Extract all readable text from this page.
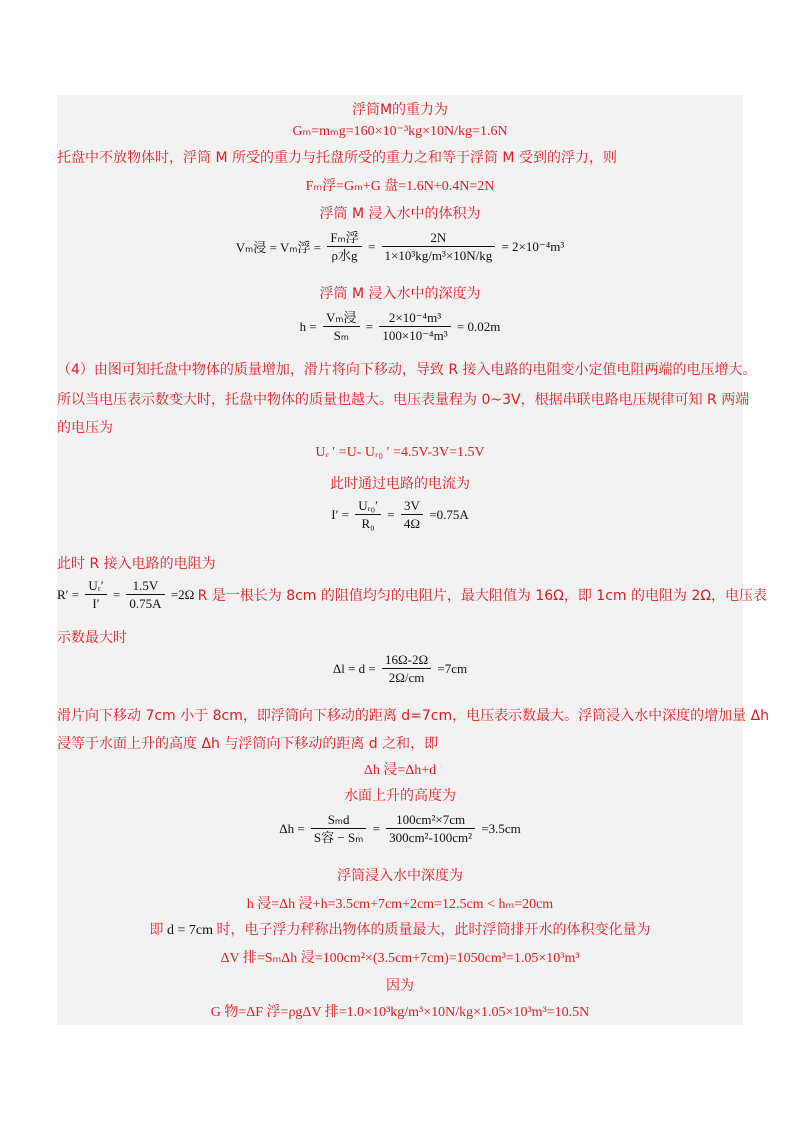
浮筒M的重力为
Gₘ=mₘg=160×10⁻³kg×10N/kg=1.6N
托盘中不放物体时，浮筒 M 所受的重力与托盘所受的重力之和等于浮筒 M 受到的浮力，则
Fₘ浮=Gₘ+G 盘=1.6N+0.4N=2N
浮筒 M 浸入水中的体积为
Vₘ浸 = Vₘ浮 = $\frac{\text{Fₘ浮}}{\text{ρ水g}} = \frac{2N}{\text{1×10³kg/m³×10N/kg}} = 2\times 10^{-4}m^3$
浮筒 M 浸入水中的深度为
$h = \frac{\text{Vₘ浸}}{\text{Sₘ}} = \frac{\text{2×10⁻⁴m³}}{\text{100×10⁻⁴m³}} = 0.02m$
（4）由图可知托盘中物体的质量增加，滑片将向下移动，导致 R 接入电路的电阻变小定值电阻两端的电压增大。
所以当电压表示数变大时，托盘中物体的质量也越大。电压表量程为 0~3V，根据串联电路电压规律可知 R 两端
的电压为
Uᵣ ′ =U- Uᵣ₀ ′ =4.5V-3V=1.5V
此时通过电路的电流为
$I' = \frac{\text{Uᵣ₀′}}{\text{R₀}} = \frac{3V}{4\Omega} =0.75A$
此时 R 接入电路的电阻为
$R' = \frac{\text{Uᵣ′}}{I'} = \frac{1.5V}{0.75A} =2\Omega$ R 是一根长为 8cm 的阻值均匀的电阻片，最大阻值为 16Ω，即 1cm 的电阻为 2Ω，电压表
示数最大时
$\Delta l = d = \frac{16\Omega-2\Omega}{2\Omega/cm} =7cm$
滑片向下移动 7cm 小于 8cm，即浮筒向下移动的距离 d=7cm，电压表示数最大。浮筒浸入水中深度的增加量 Δh
浸等于水面上升的高度 Δh 与浮筒向下移动的距离 d 之和，即
Δh 浸=Δh+d
水面上升的高度为
$\Delta h = \frac{\text{Sₘd}}{\text{S容 − Sₘ}} = \frac{\text{100cm²×7cm}}{\text{300cm²-100cm²}} =3.5cm$
浮筒浸入水中深度为
h 浸=Δh 浸+h=3.5cm+7cm+2cm=12.5cm < hₘ=20cm
即 d = 7cm 时，电子浮力秤称出物体的质量最大，此时浮筒排开水的体积变化量为
ΔV 排=SₘΔh 浸=100cm²×(3.5cm+7cm)=1050cm³=1.05×10³m³
因为
G 物=ΔF 浮=ρgΔV 排=1.0×10³kg/m³×10N/kg×1.05×10³m³=10.5N
